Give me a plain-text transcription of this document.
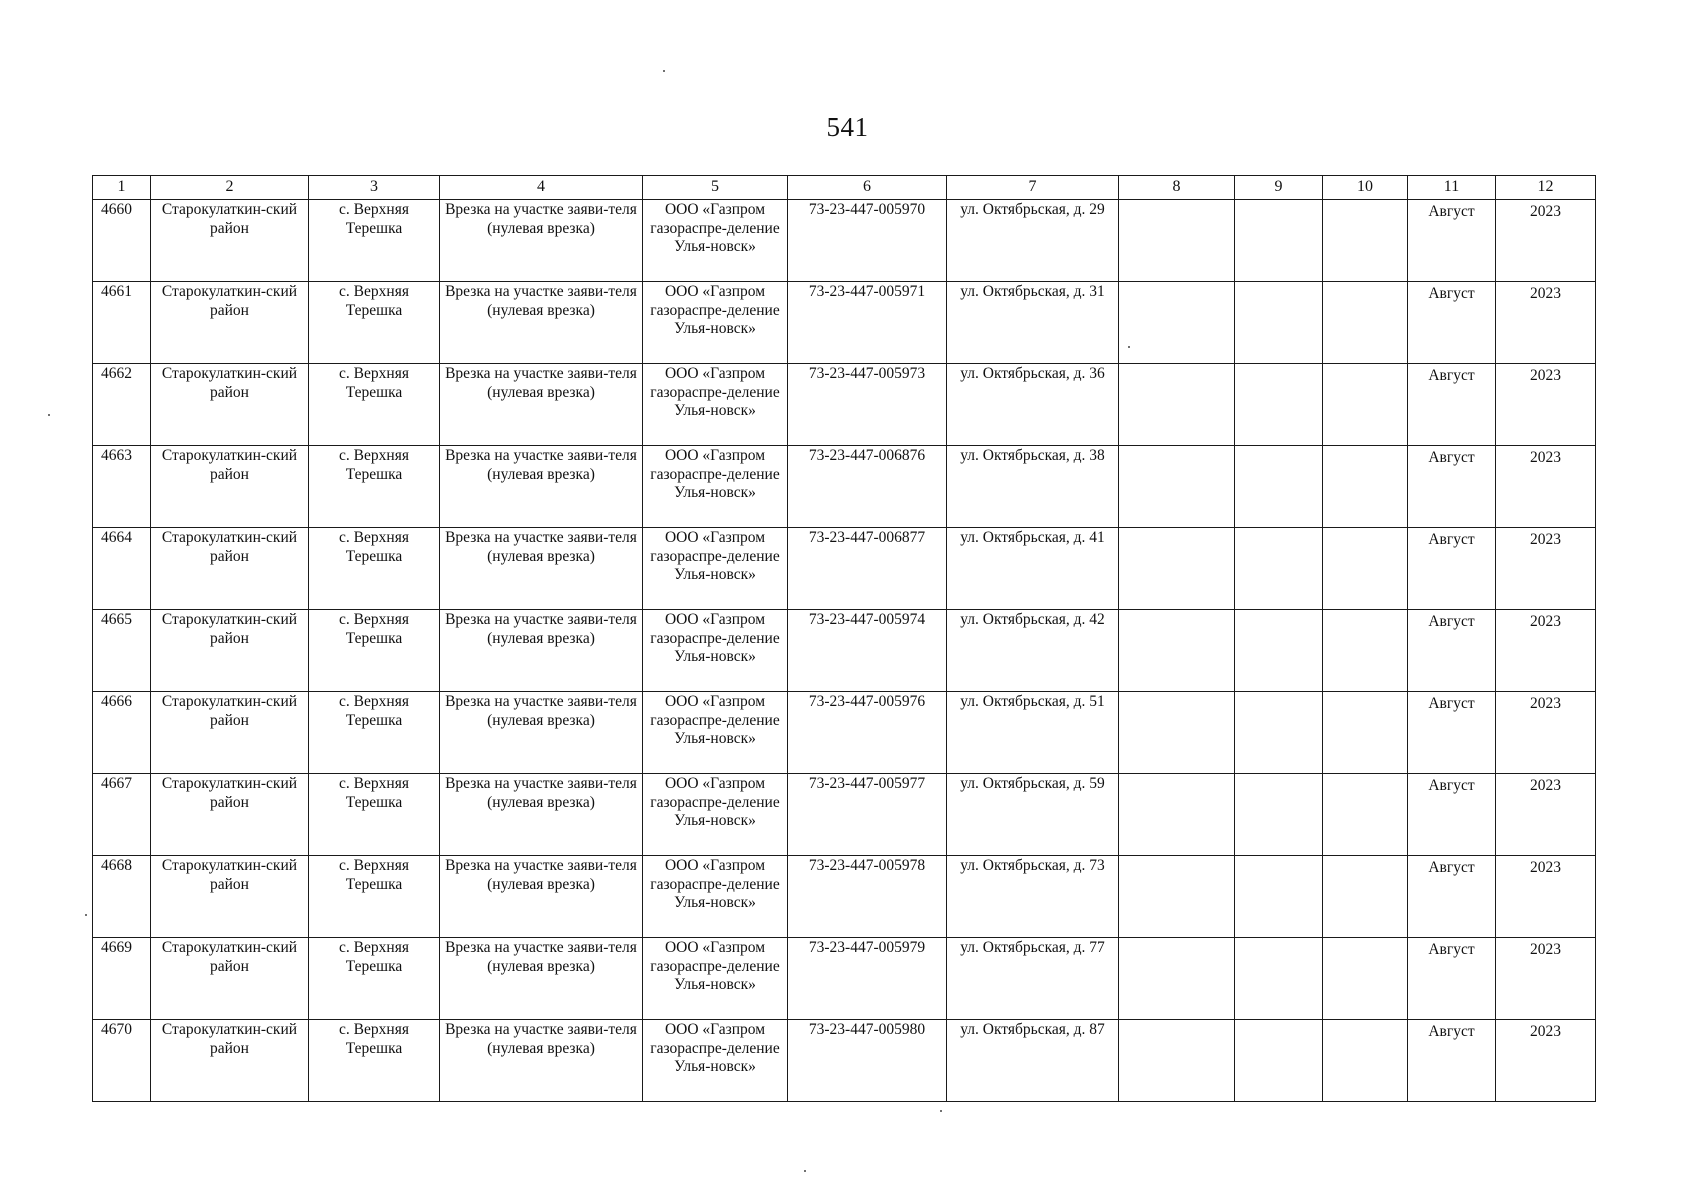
541
1	2	3	4	5	6	7	8	9	10	11	12
4660	Старокулаткин-ский район	с. Верхняя Терешка	Врезка на участке заяви-теля (нулевая врезка)	ООО «Газпром газораспре-деление Улья-новск»	73-23-447-005970	ул. Октябрьская, д. 29				Август	2023
4661	Старокулаткин-ский район	с. Верхняя Терешка	Врезка на участке заяви-теля (нулевая врезка)	ООО «Газпром газораспре-деление Улья-новск»	73-23-447-005971	ул. Октябрьская, д. 31				Август	2023
4662	Старокулаткин-ский район	с. Верхняя Терешка	Врезка на участке заяви-теля (нулевая врезка)	ООО «Газпром газораспре-деление Улья-новск»	73-23-447-005973	ул. Октябрьская, д. 36				Август	2023
4663	Старокулаткин-ский район	с. Верхняя Терешка	Врезка на участке заяви-теля (нулевая врезка)	ООО «Газпром газораспре-деление Улья-новск»	73-23-447-006876	ул. Октябрьская, д. 38				Август	2023
4664	Старокулаткин-ский район	с. Верхняя Терешка	Врезка на участке заяви-теля (нулевая врезка)	ООО «Газпром газораспре-деление Улья-новск»	73-23-447-006877	ул. Октябрьская, д. 41				Август	2023
4665	Старокулаткин-ский район	с. Верхняя Терешка	Врезка на участке заяви-теля (нулевая врезка)	ООО «Газпром газораспре-деление Улья-новск»	73-23-447-005974	ул. Октябрьская, д. 42				Август	2023
4666	Старокулаткин-ский район	с. Верхняя Терешка	Врезка на участке заяви-теля (нулевая врезка)	ООО «Газпром газораспре-деление Улья-новск»	73-23-447-005976	ул. Октябрьская, д. 51				Август	2023
4667	Старокулаткин-ский район	с. Верхняя Терешка	Врезка на участке заяви-теля (нулевая врезка)	ООО «Газпром газораспре-деление Улья-новск»	73-23-447-005977	ул. Октябрьская, д. 59				Август	2023
4668	Старокулаткин-ский район	с. Верхняя Терешка	Врезка на участке заяви-теля (нулевая врезка)	ООО «Газпром газораспре-деление Улья-новск»	73-23-447-005978	ул. Октябрьская, д. 73				Август	2023
4669	Старокулаткин-ский район	с. Верхняя Терешка	Врезка на участке заяви-теля (нулевая врезка)	ООО «Газпром газораспре-деление Улья-новск»	73-23-447-005979	ул. Октябрьская, д. 77				Август	2023
4670	Старокулаткин-ский район	с. Верхняя Терешка	Врезка на участке заяви-теля (нулевая врезка)	ООО «Газпром газораспре-деление Улья-новск»	73-23-447-005980	ул. Октябрьская, д. 87				Август	2023
